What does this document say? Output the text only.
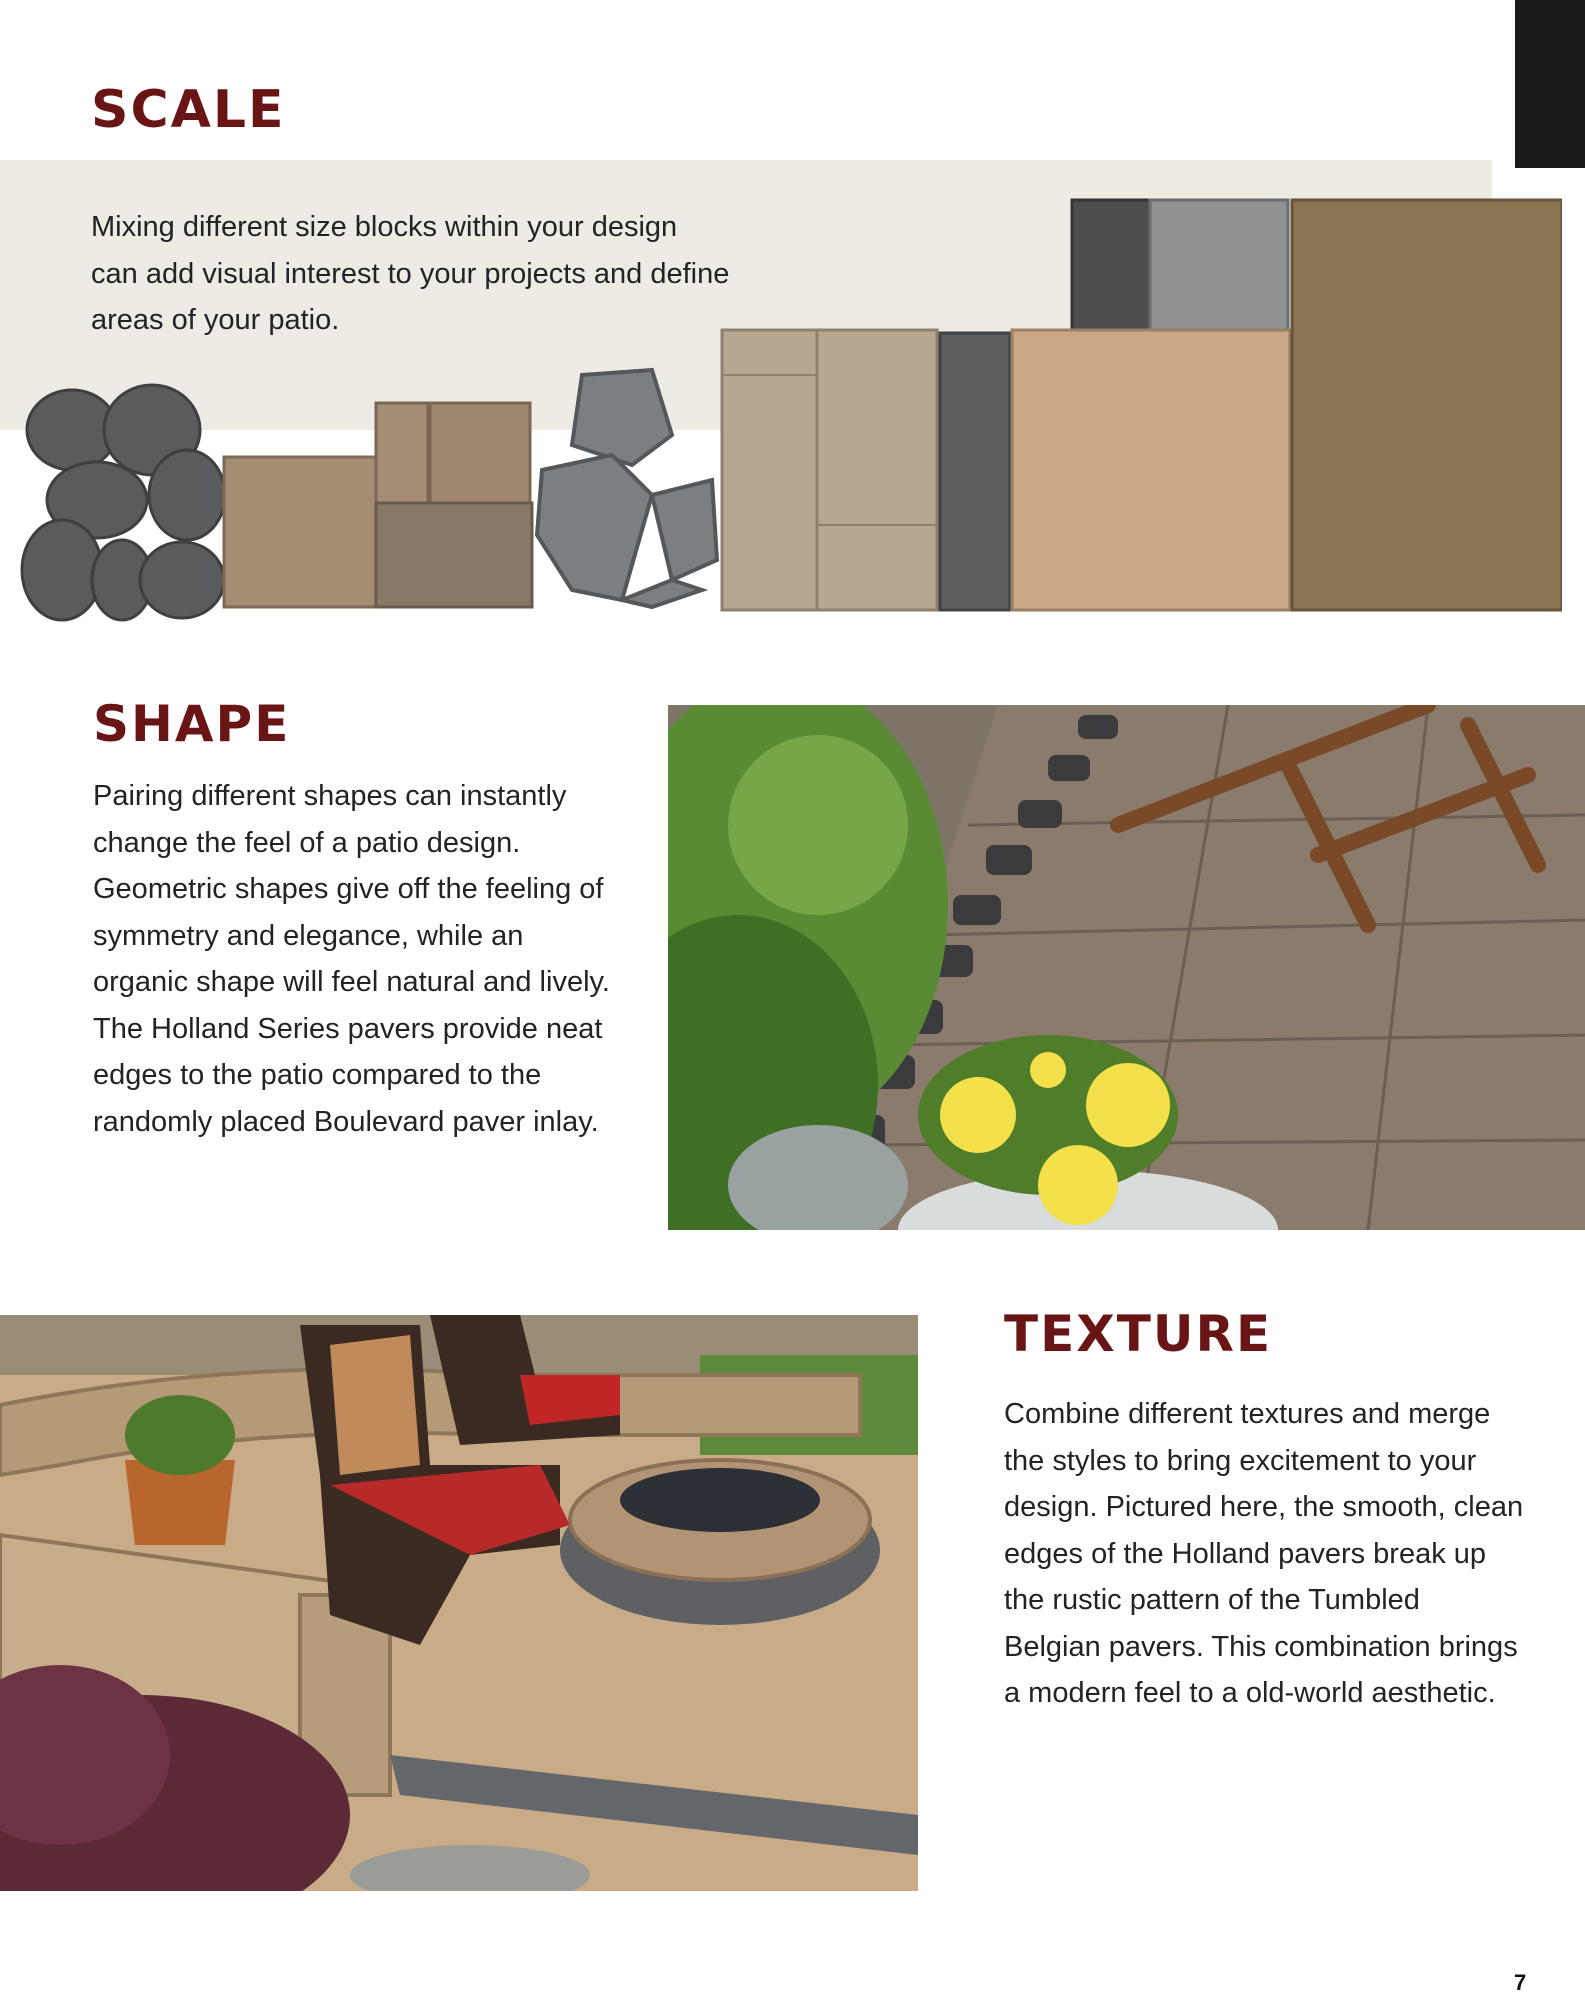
SCALE

Mixing different size blocks within your design can add visual interest to your projects and define areas of your patio.

SHAPE

Pairing different shapes can instantly change the feel of a patio design. Geometric shapes give off the feeling of symmetry and elegance, while an organic shape will feel natural and lively. The Holland Series pavers provide neat edges to the patio compared to the randomly placed Boulevard paver inlay.

TEXTURE

Combine different textures and merge the styles to bring excitement to your design. Pictured here, the smooth, clean edges of the Holland pavers break up the rustic pattern of the Tumbled Belgian pavers. This combination brings a modern feel to a old-world aesthetic.

7
